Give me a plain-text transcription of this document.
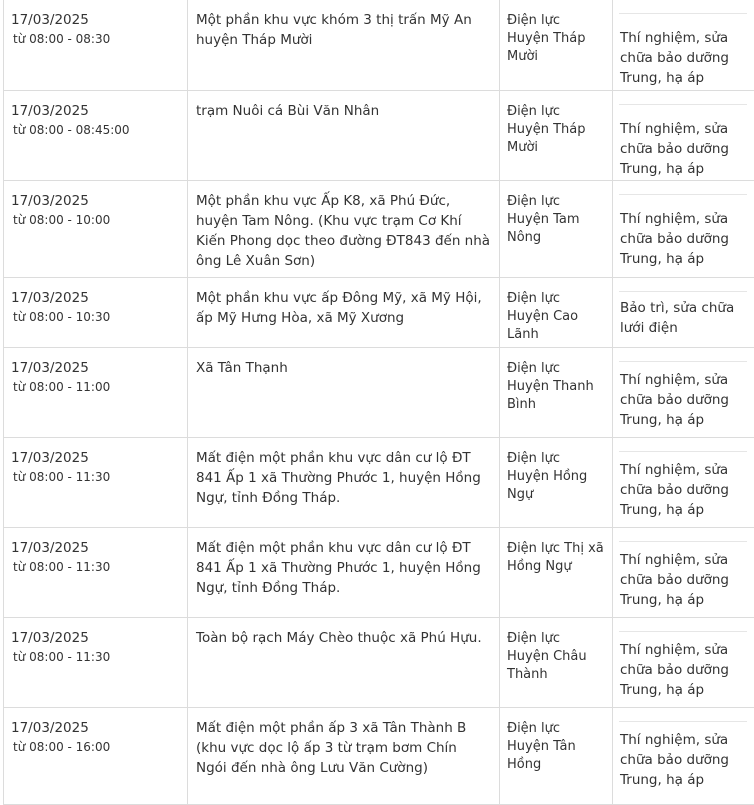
17/03/2025
từ 08:00 - 08:30	Một phần khu vực khóm 3 thị trấn Mỹ An huyện Tháp Mười	Điện lực Huyện Tháp Mười	Thí nghiệm, sửa chữa bảo dưỡng Trung, hạ áp

17/03/2025
từ 08:00 - 08:45:00	trạm Nuôi cá Bùi Văn Nhân	Điện lực Huyện Tháp Mười	Thí nghiệm, sửa chữa bảo dưỡng Trung, hạ áp

17/03/2025
từ 08:00 - 10:00	Một phần khu vực Ấp K8, xã Phú Đức, huyện Tam Nông. (Khu vực trạm Cơ Khí Kiến Phong dọc theo đường ĐT843 đến nhà ông Lê Xuân Sơn)	Điện lực Huyện Tam Nông	Thí nghiệm, sửa chữa bảo dưỡng Trung, hạ áp

17/03/2025
từ 08:00 - 10:30	Một phần khu vực ấp Đông Mỹ, xã Mỹ Hội, ấp Mỹ Hưng Hòa, xã Mỹ Xương	Điện lực Huyện Cao Lãnh	Bảo trì, sửa chữa lưới điện

17/03/2025
từ 08:00 - 11:00	Xã Tân Thạnh	Điện lực Huyện Thanh Bình	Thí nghiệm, sửa chữa bảo dưỡng Trung, hạ áp

17/03/2025
từ 08:00 - 11:30	Mất điện một phần khu vực dân cư lộ ĐT 841 Ấp 1 xã Thường Phước 1, huyện Hồng Ngự, tỉnh Đồng Tháp.	Điện lực Huyện Hồng Ngự	Thí nghiệm, sửa chữa bảo dưỡng Trung, hạ áp

17/03/2025
từ 08:00 - 11:30	Mất điện một phần khu vực dân cư lộ ĐT 841 Ấp 1 xã Thường Phước 1, huyện Hồng Ngự, tỉnh Đồng Tháp.	Điện lực Thị xã Hồng Ngự	Thí nghiệm, sửa chữa bảo dưỡng Trung, hạ áp

17/03/2025
từ 08:00 - 11:30	Toàn bộ rạch Máy Chèo thuộc xã Phú Hựu.	Điện lực Huyện Châu Thành	Thí nghiệm, sửa chữa bảo dưỡng Trung, hạ áp

17/03/2025
từ 08:00 - 16:00	Mất điện một phần ấp 3 xã Tân Thành B (khu vực dọc lộ ấp 3 từ trạm bơm Chín Ngói đến nhà ông Lưu Văn Cường)	Điện lực Huyện Tân Hồng	Thí nghiệm, sửa chữa bảo dưỡng Trung, hạ áp
